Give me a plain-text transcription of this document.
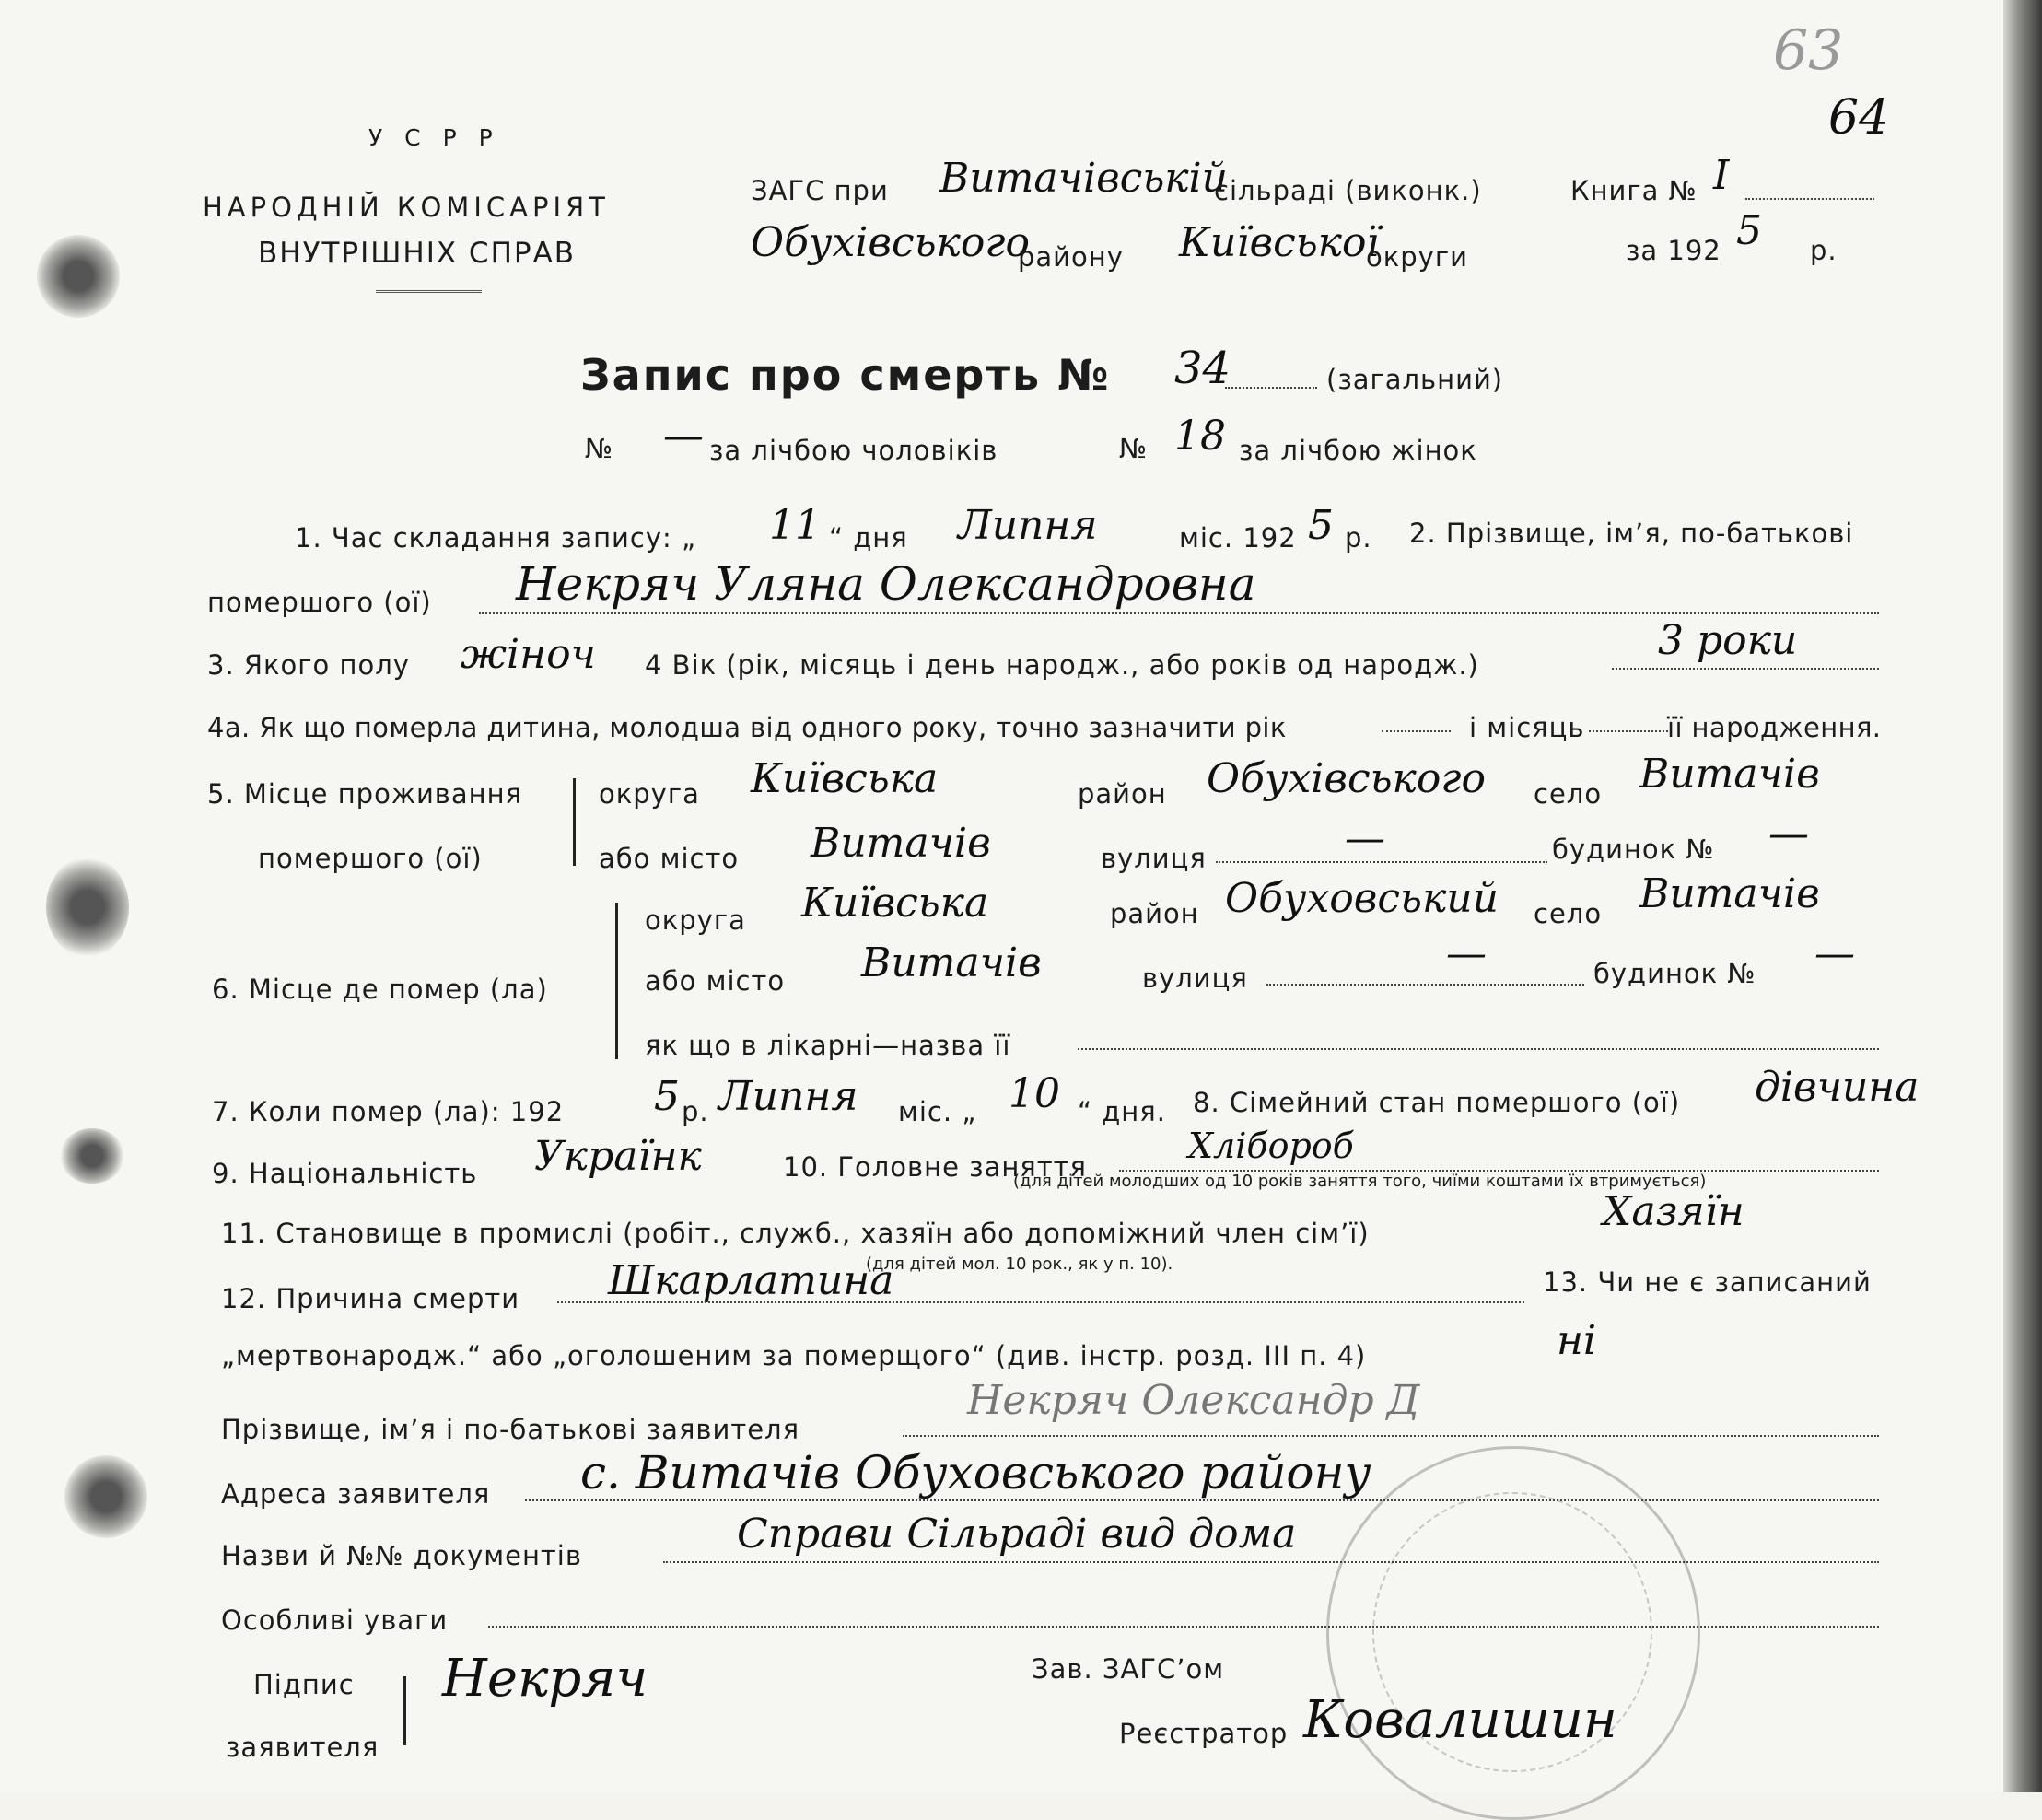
63
64
У С Р Р
НАРОДНІЙ КОМІСАРІЯТ
ВНУТРІШНІХ СПРАВ
ЗАГС при Витачівській
сільраді (виконк.)	Книга № I
Обухівського
району Київської
округи	за 192 5 р.
Запис про смерть № 34	(загальний)
№ — за лічбою чоловіків	№ 18 за лічбою жінок
1. Час складання запису: „ 11 “ дня Липня	міс. 192 5 р. 2. Прізвище, ім’я, по-батькові
помершого (ої) Некряч Уляна Олександровна
3. Якого полу жіноч 4 Вік (рік, місяць і день народж., або років од народж.)
3 роки
4а. Як що померла дитина, молодша від одного року, точно зазначити рік	і місяць	її народження.
5. Місце проживання
помершого (ої)
округа Київська	район Обухівського село Витачів
або місто Витачів	вулиця	—	будинок № —
округа Київська	район Обуховський село Витачів
6. Місце де помер (ла)	або місто Витачів	вулиця
—	будинок № —
як що в лікарні—назва її
7. Коли помер (ла): 192 5 р. Липня міс. „ 10 “ дня. 8. Сімейний стан помершого (ої) дівчина
9. Національність Українк	10. Головне заняття
Хлібороб
(для дітей молодших од 10 років заняття того, чиїми коштами їх втримується)
11. Становище в промислі (робіт., служб., хазяїн або допоміжний член сім’ї)	Хазяїн
(для дітей мол. 10 рок., як у п. 10).
12. Причина смерти Шкарлатина	13. Чи не є записаний
„мертвонародж.“ або „оголошеним за померщого“ (див. інстр. розд. III п. 4)	ні
Прізвище, ім’я і по-батькові заявителя
Некряч Олександр Д
Адреса заявителя с. Витачів Обуховського району
Назви й №№ документів	Справи Сільраді вид дома
Особливі уваги
Підпис
заявителя
Некряч	Зав. ЗАГС’ом
Реєстратор Ковалишин
